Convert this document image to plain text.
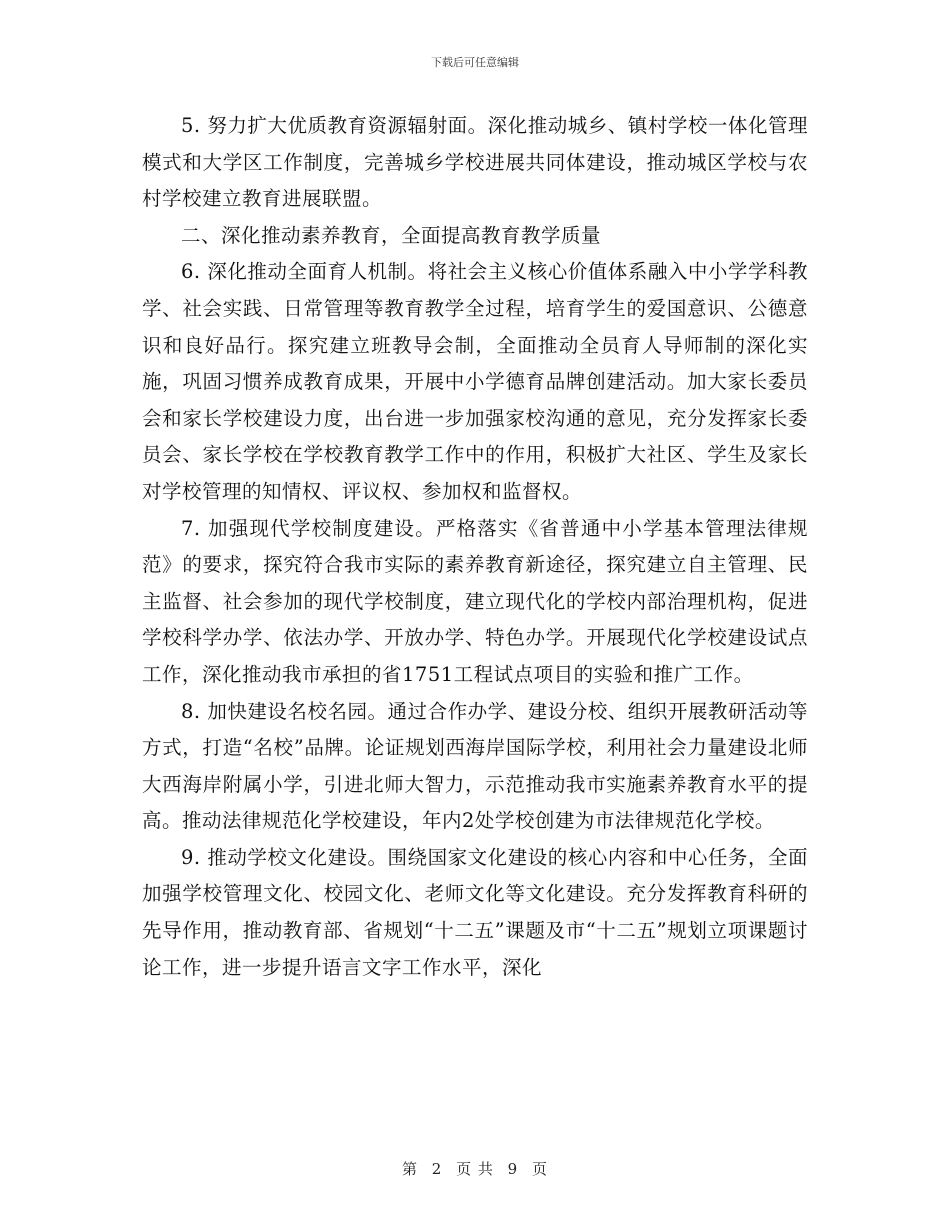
下载后可任意编辑

5. 努力扩大优质教育资源辐射面。深化推动城乡、镇村学校一体化管理模式和大学区工作制度，完善城乡学校进展共同体建设，推动城区学校与农村学校建立教育进展联盟。

二、深化推动素养教育，全面提高教育教学质量

6. 深化推动全面育人机制。将社会主义核心价值体系融入中小学学科教学、社会实践、日常管理等教育教学全过程，培育学生的爱国意识、公德意识和良好品行。探究建立班教导会制，全面推动全员育人导师制的深化实施，巩固习惯养成教育成果，开展中小学德育品牌创建活动。加大家长委员会和家长学校建设力度，出台进一步加强家校沟通的意见，充分发挥家长委员会、家长学校在学校教育教学工作中的作用，积极扩大社区、学生及家长对学校管理的知情权、评议权、参加权和监督权。

7. 加强现代学校制度建设。严格落实《省普通中小学基本管理法律规范》的要求，探究符合我市实际的素养教育新途径，探究建立自主管理、民主监督、社会参加的现代学校制度，建立现代化的学校内部治理机构，促进学校科学办学、依法办学、开放办学、特色办学。开展现代化学校建设试点工作，深化推动我市承担的省1751工程试点项目的实验和推广工作。

8. 加快建设名校名园。通过合作办学、建设分校、组织开展教研活动等方式，打造“名校”品牌。论证规划西海岸国际学校，利用社会力量建设北师大西海岸附属小学，引进北师大智力，示范推动我市实施素养教育水平的提高。推动法律规范化学校建设，年内2处学校创建为市法律规范化学校。

9. 推动学校文化建设。围绕国家文化建设的核心内容和中心任务，全面加强学校管理文化、校园文化、老师文化等文化建设。充分发挥教育科研的先导作用，推动教育部、省规划“十二五”课题及市“十二五”规划立项课题讨论工作，进一步提升语言文字工作水平，深化

第 2 页 共 9 页
